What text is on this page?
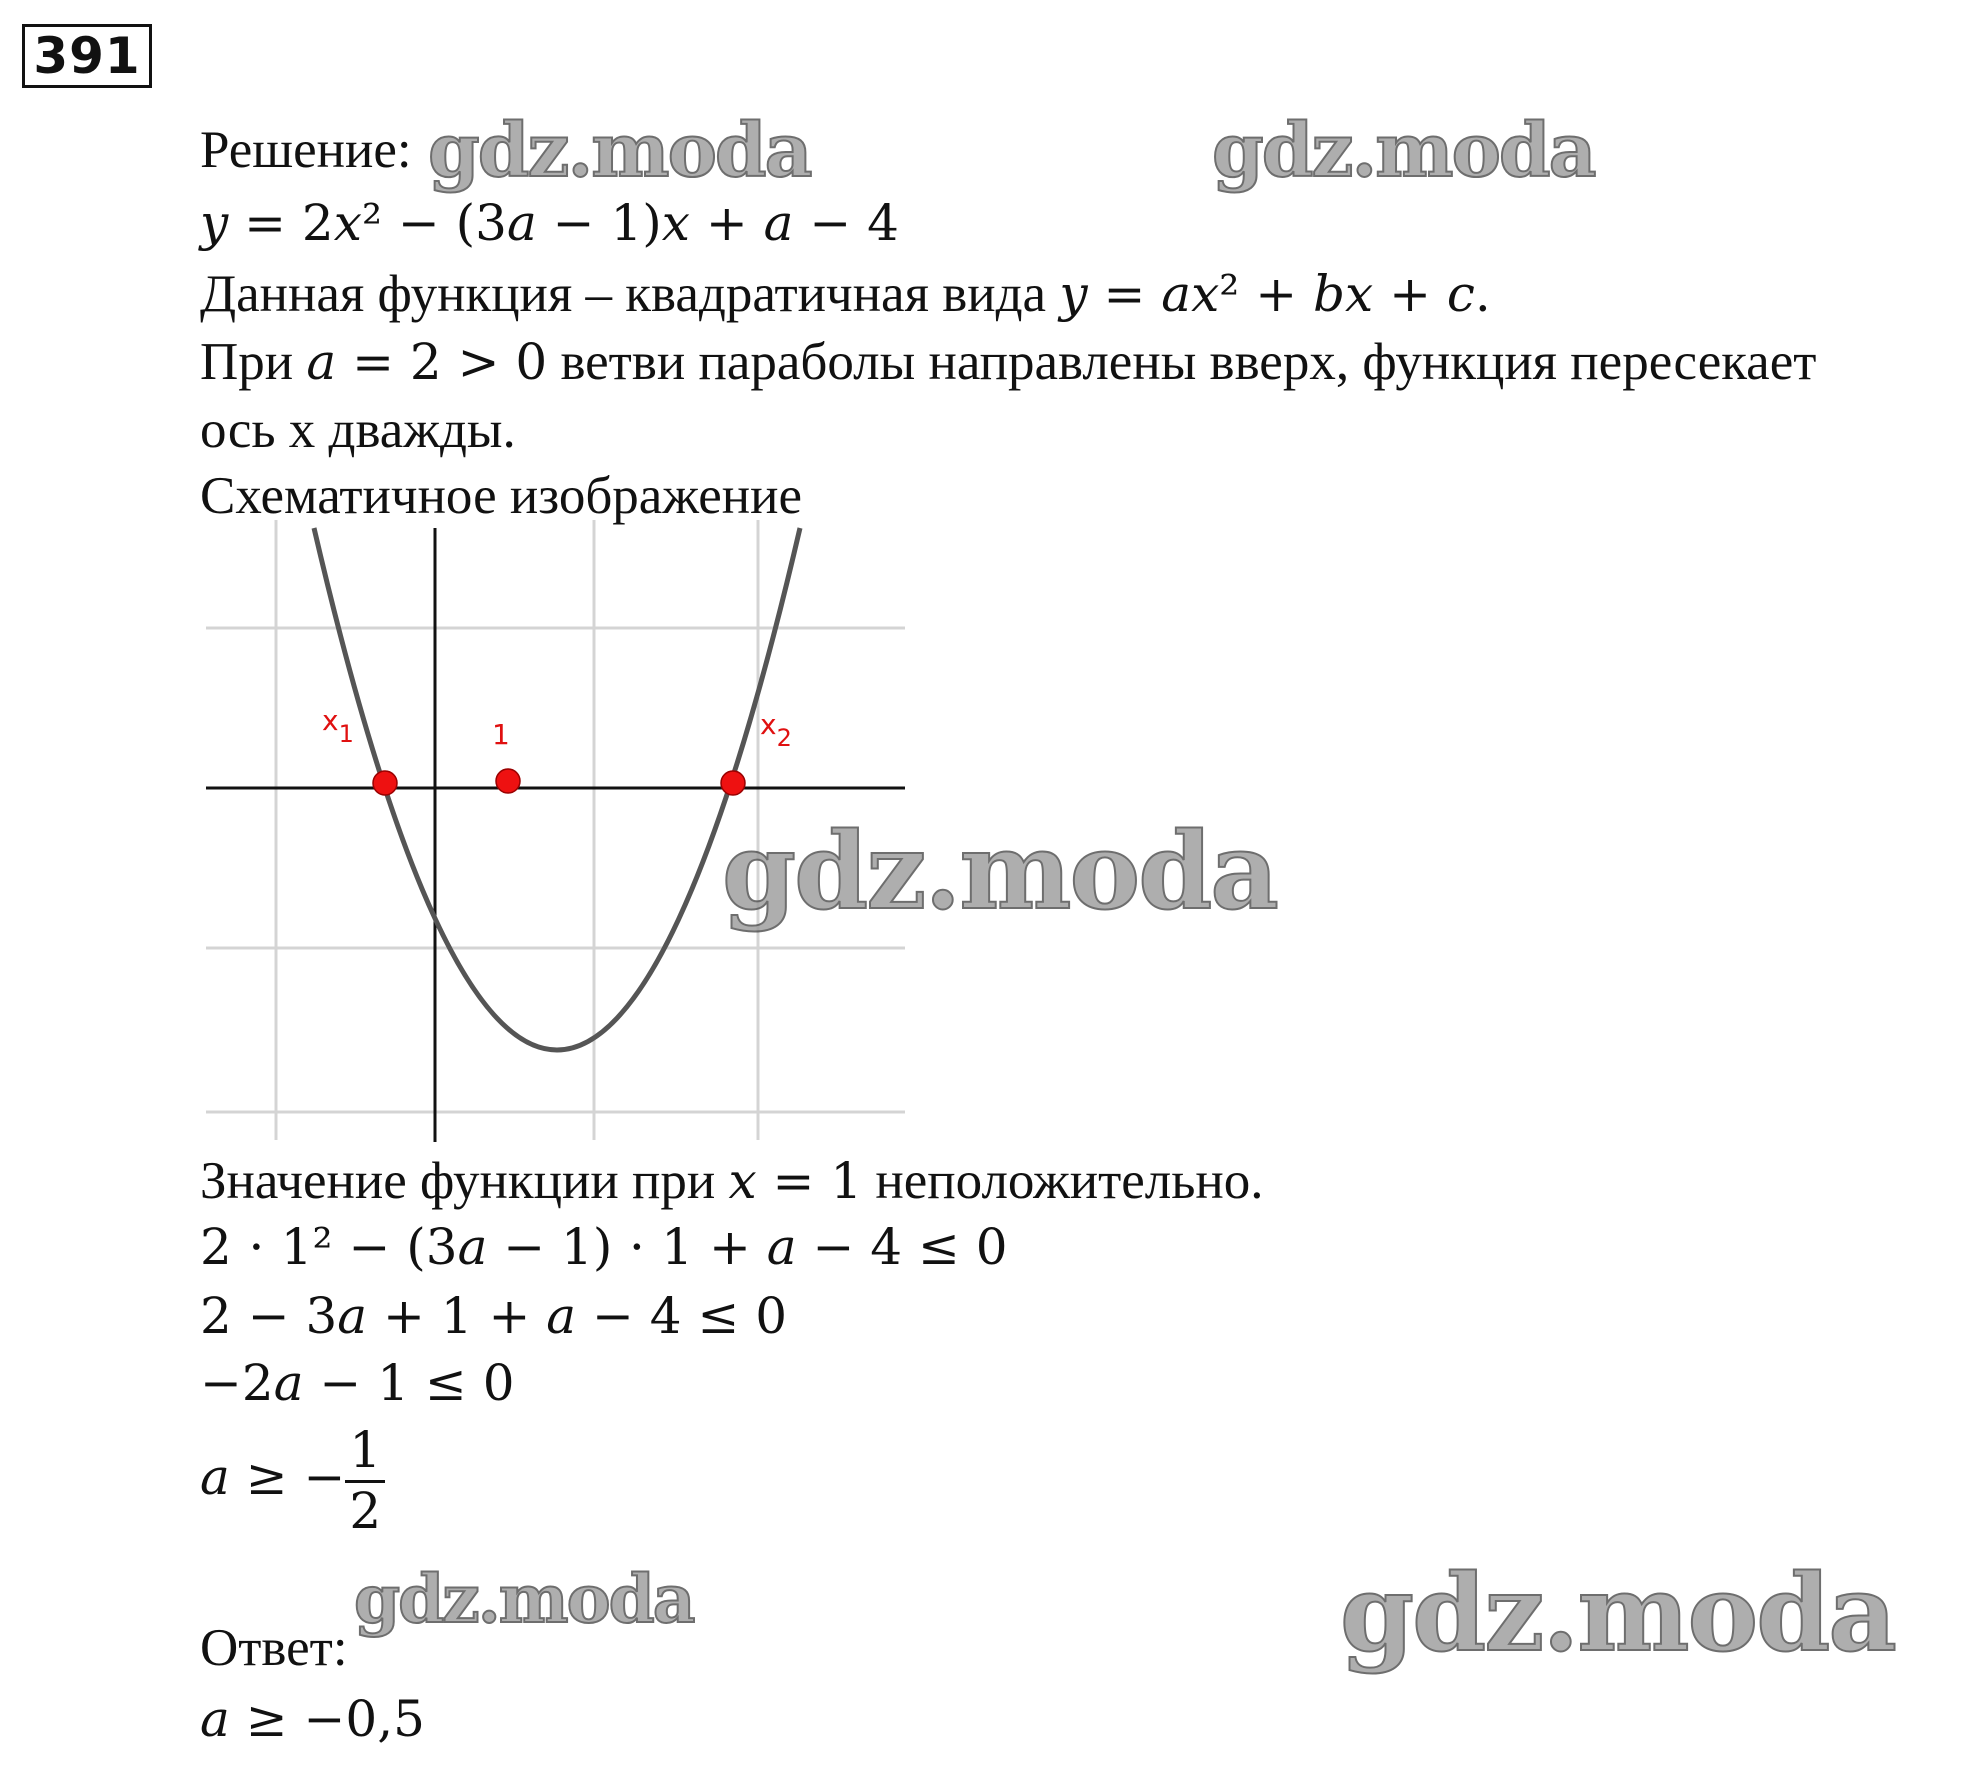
391
Решение:
𝑦 = 2𝑥² − (3𝑎 − 1)𝑥 + 𝑎 − 4
Данная функция – квадратичная вида 𝑦 = 𝑎𝑥² + 𝑏𝑥 + 𝑐.
При 𝑎 = 2 > 0 ветви параболы направлены вверх, функция пересекает
ось x дважды.
Схематичное изображение
x1	1	x2
Значение функции при 𝑥 = 1 неположительно.
2 ⋅ 1² − (3𝑎 − 1) ⋅ 1 + 𝑎 − 4 ≤ 0
2 − 3𝑎 + 1 + 𝑎 − 4 ≤ 0
−2𝑎 − 1 ≤ 0
𝑎 ≥ − $\frac{1}{2}$
Ответ:
𝑎 ≥ −0,5
gdz.moda	gdz.moda
gdz.moda
gdz.moda	gdz.moda
